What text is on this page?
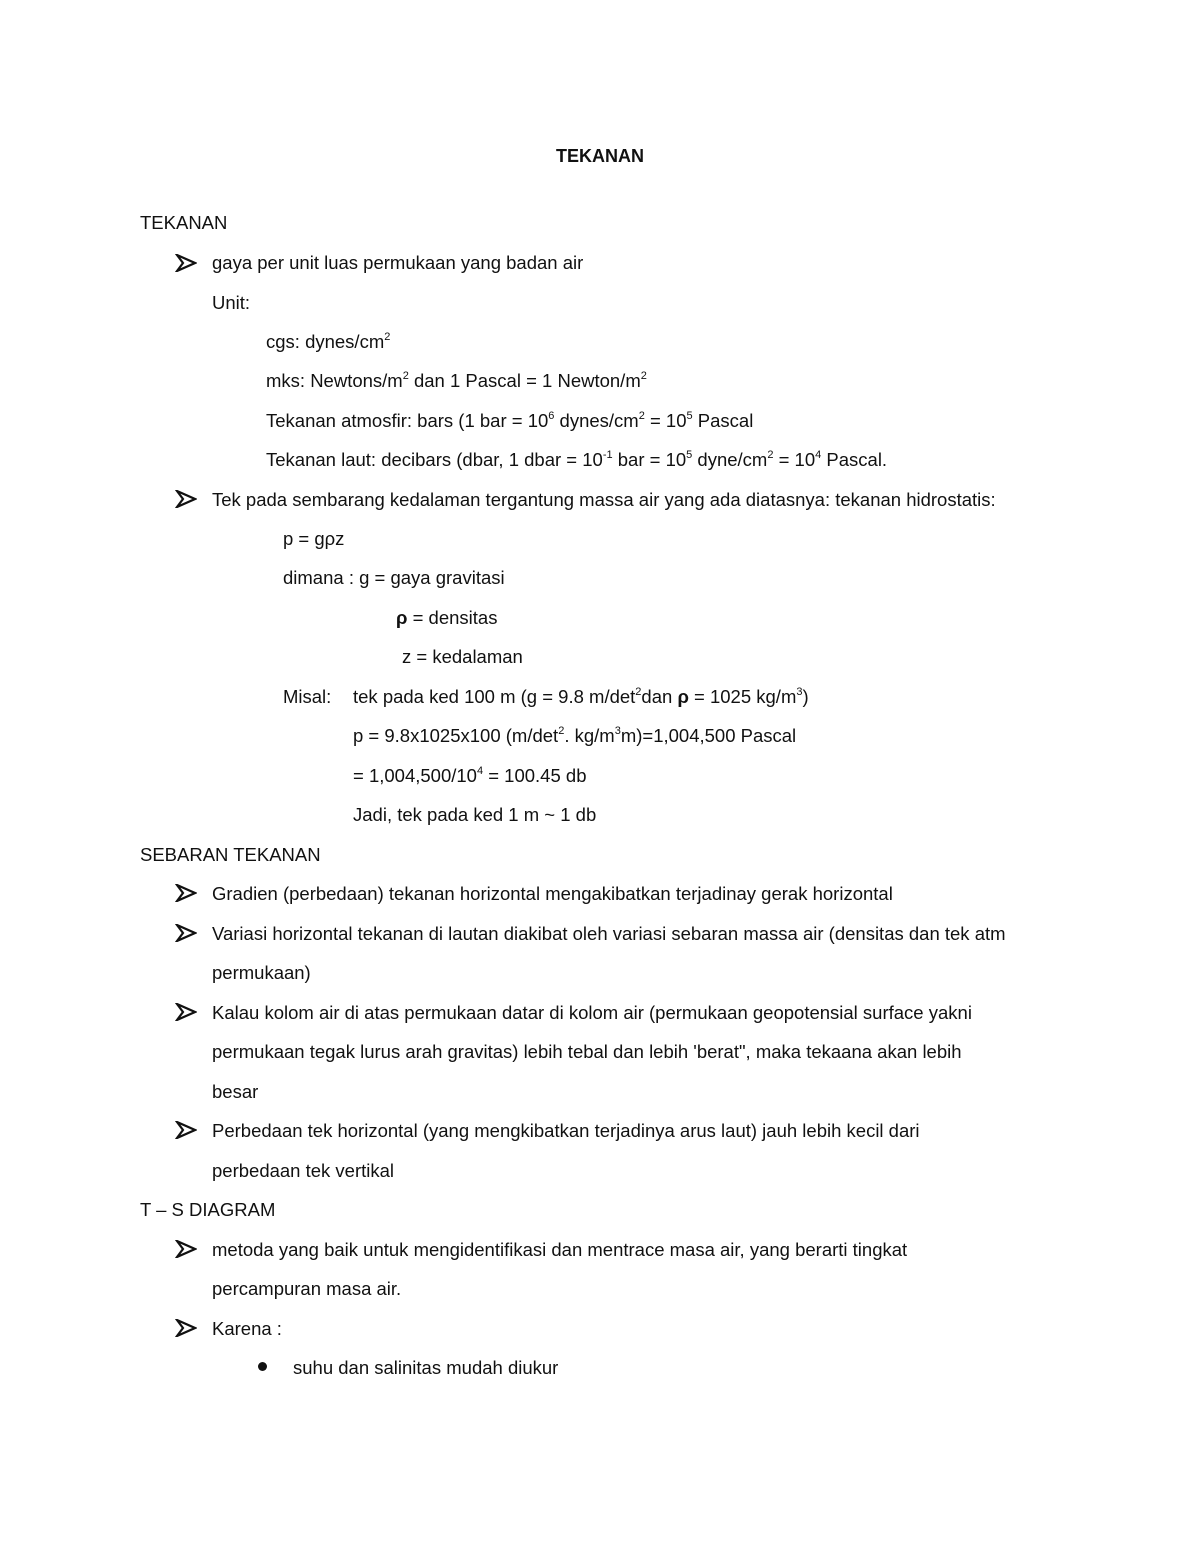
TEKANAN
TEKANAN
gaya per unit luas permukaan yang badan air
Unit:
cgs: dynes/$cm^2$
mks: Newtons/$m^2$ dan 1 Pascal = 1 Newton/$m^2$
Tekanan atmosfir: bars (1 bar = $10^6$ dynes/$cm^2 = 10^5$ Pascal
Tekanan laut: decibars (dbar, 1 dbar = $10^{-1}$ bar = $10^5$ dyne/$cm^2 = 10^4$ Pascal.
Tek pada sembarang kedalaman tergantung massa air yang ada diatasnya: tekanan hidrostatis:
p = gρz
dimana : g = gaya gravitasi
ρ = densitas
z = kedalaman
Misal: tek pada ked 100 m (g = 9.8 $m/\det^2dan$ ρ = 1025 $kg/m^3$)
p = 9.8x1025x100 ($m/\det^2$. $kg/m^3m)=1,004,500$ Pascal
= $1,004,500/10^4 = 100.45$ db
Jadi, tek pada ked 1 m ~ 1 db
SEBARAN TEKANAN
Gradien (perbedaan) tekanan horizontal mengakibatkan terjadinay gerak horizontal
Variasi horizontal tekanan di lautan diakibat oleh variasi sebaran massa air (densitas dan tek atm
permukaan)
Kalau kolom air di atas permukaan datar di kolom air (permukaan geopotensial surface yakni
permukaan tegak lurus arah gravitas) lebih tebal dan lebih 'berat", maka tekaana akan lebih
besar
Perbedaan tek horizontal (yang mengkibatkan terjadinya arus laut) jauh lebih kecil dari
perbedaan tek vertikal
T – S DIAGRAM
metoda yang baik untuk mengidentifikasi dan mentrace masa air, yang berarti tingkat
percampuran masa air.
Karena :
suhu dan salinitas mudah diukur
